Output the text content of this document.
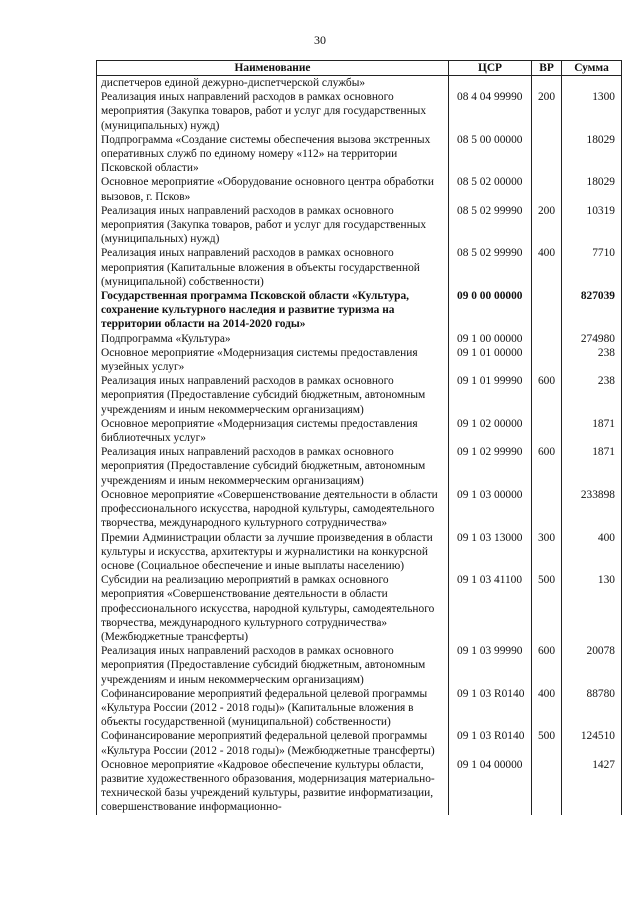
30
Наименование	ЦСР	ВР	Сумма
диспетчеров единой дежурно-диспетчерской службы»			
Реализация иных направлений расходов в рамках основного мероприятия (Закупка товаров, работ и услуг для государственных (муниципальных) нужд)	08 4 04 99990	200	1300
Подпрограмма «Создание системы обеспечения вызова экстренных оперативных служб по единому номеру «112» на территории Псковской области»	08 5 00 00000		18029
Основное мероприятие «Оборудование основного центра обработки вызовов, г. Псков»	08 5 02 00000		18029
Реализация иных направлений расходов в рамках основного мероприятия (Закупка товаров, работ и услуг для государственных (муниципальных) нужд)	08 5 02 99990	200	10319
Реализация иных направлений расходов в рамках основного мероприятия (Капитальные вложения в объекты государственной (муниципальной) собственности)	08 5 02 99990	400	7710
Государственная программа Псковской области «Культура, сохранение культурного наследия и развитие туризма на территории области на 2014-2020 годы»	09 0 00 00000		827039
Подпрограмма «Культура»	09 1 00 00000		274980
Основное мероприятие «Модернизация системы предоставления музейных услуг»	09 1 01 00000		238
Реализация иных направлений расходов в рамках основного мероприятия (Предоставление субсидий бюджетным, автономным учреждениям и иным некоммерческим организациям)	09 1 01 99990	600	238
Основное мероприятие «Модернизация системы предоставления библиотечных услуг»	09 1 02 00000		1871
Реализация иных направлений расходов в рамках основного мероприятия (Предоставление субсидий бюджетным, автономным учреждениям и иным некоммерческим организациям)	09 1 02 99990	600	1871
Основное мероприятие «Совершенствование деятельности в области профессионального искусства, народной культуры, самодеятельного творчества, международного культурного сотрудничества»	09 1 03 00000		233898
Премии Администрации области за лучшие произведения в области культуры и искусства, архитектуры и журналистики на конкурсной основе (Социальное обеспечение и иные выплаты населению)	09 1 03 13000	300	400
Субсидии на реализацию мероприятий в рамках основного мероприятия «Совершенствование деятельности в области профессионального искусства, народной культуры, самодеятельного творчества, международного культурного сотрудничества» (Межбюджетные трансферты)	09 1 03 41100	500	130
Реализация иных направлений расходов в рамках основного мероприятия (Предоставление субсидий бюджетным, автономным учреждениям и иным некоммерческим организациям)	09 1 03 99990	600	20078
Софинансирование мероприятий федеральной целевой программы «Культура России (2012 - 2018 годы)» (Капитальные вложения в объекты государственной (муниципальной) собственности)	09 1 03 R0140	400	88780
Софинансирование мероприятий федеральной целевой программы «Культура России (2012 - 2018 годы)» (Межбюджетные трансферты)	09 1 03 R0140	500	124510
Основное мероприятие «Кадровое обеспечение культуры области, развитие художественного образования, модернизация материально-технической базы учреждений культуры, развитие информатизации, совершенствование информационно-	09 1 04 00000		1427
